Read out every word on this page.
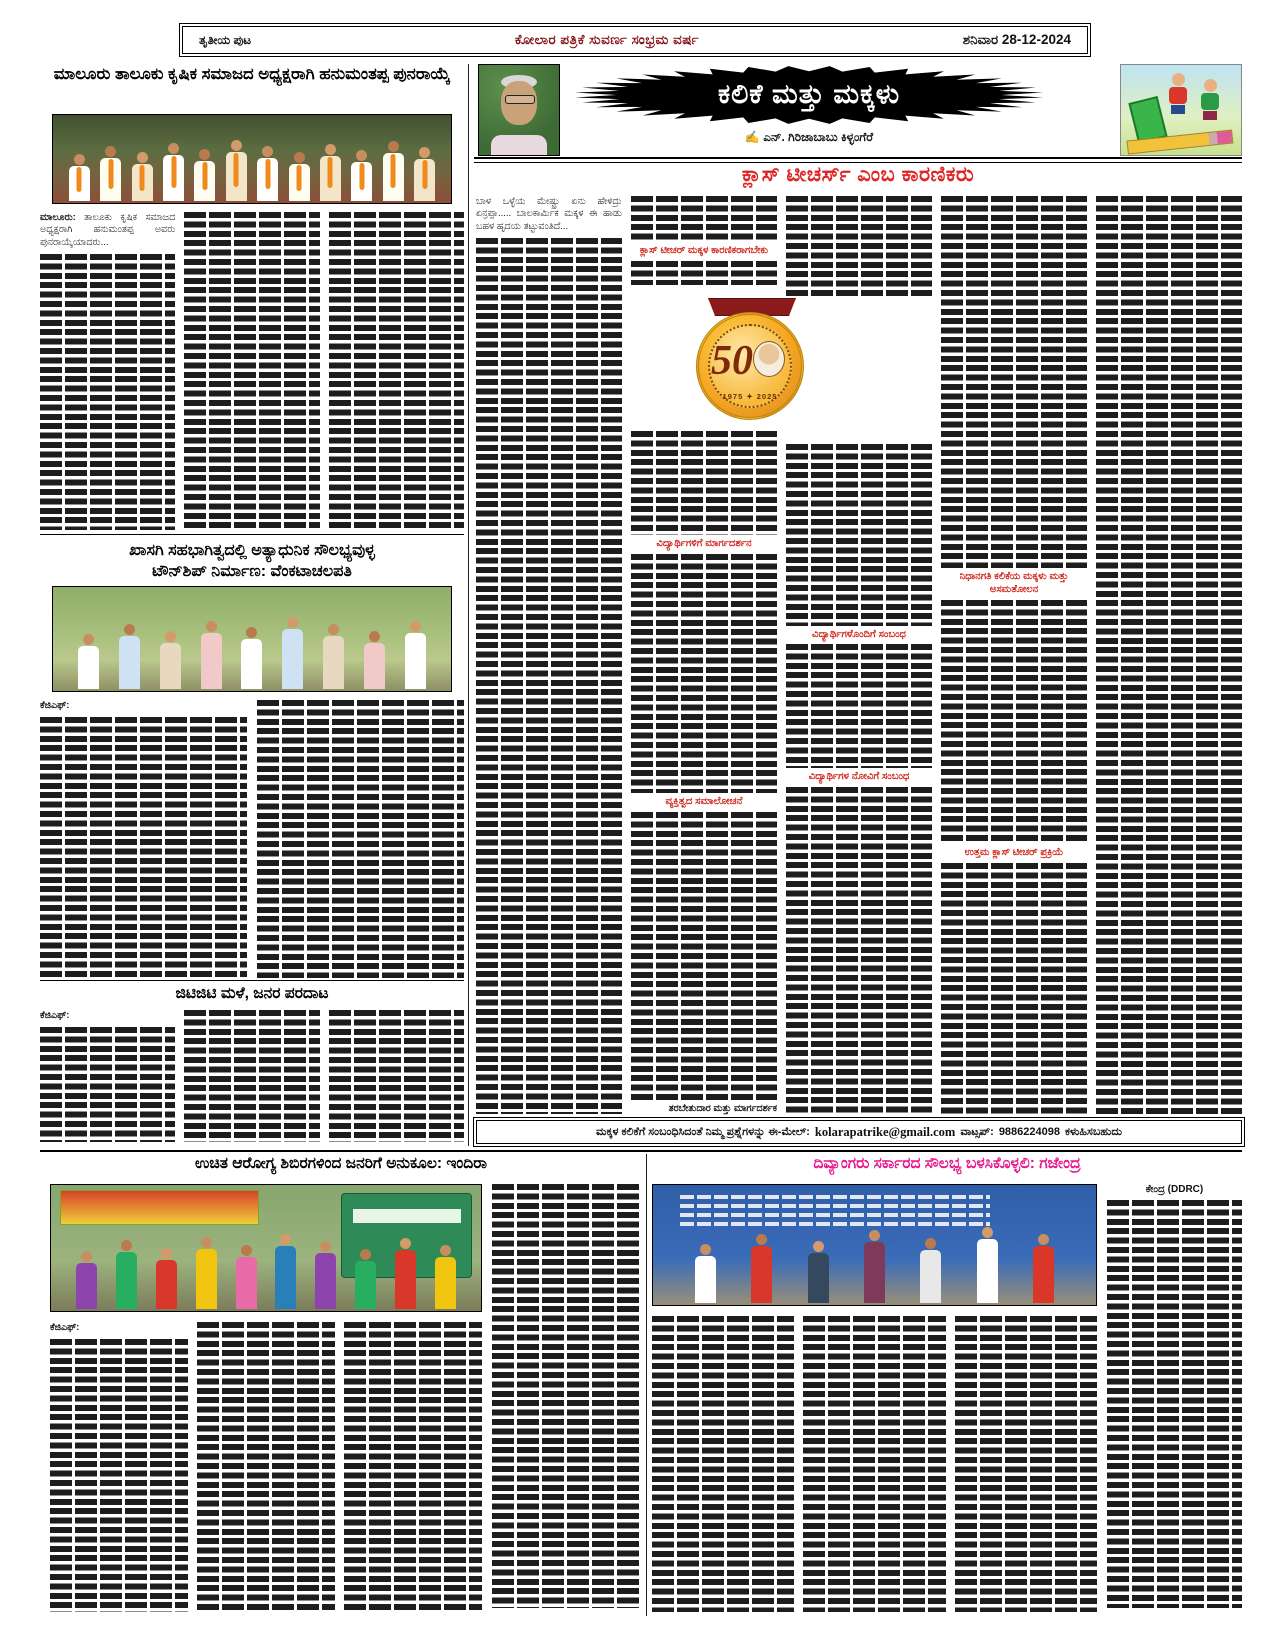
ತೃತೀಯ ಪುಟ	ಕೋಲಾರ ಪತ್ರಿಕೆ ಸುವರ್ಣ ಸಂಭ್ರಮ ವರ್ಷ	ಶನಿವಾರ 28-12-2024
ಮಾಲೂರು ತಾಲೂಕು ಕೃಷಿಕ ಸಮಾಜದ ಅಧ್ಯಕ್ಷರಾಗಿ ಹನುಮಂತಪ್ಪ ಪುನರಾಯ್ಕೆ

ಮಾಲೂರು: ತಾಲೂಕು ಕೃಷಿಕ ಸಮಾಜದ ಅಧ್ಯಕ್ಷರಾಗಿ ಹನುಮಂತಪ್ಪ ಅವರು ಪುನರಾಯ್ಕೆಯಾದರು...

ಖಾಸಗಿ ಸಹಭಾಗಿತ್ವದಲ್ಲಿ ಅತ್ಯಾಧುನಿಕ ಸೌಲಭ್ಯವುಳ್ಳ
ಟೌನ್‌ಶಿಪ್ ನಿರ್ಮಾಣ: ವೆಂಕಟಾಚಲಪತಿ

ಕೆಜಿಎಫ್:

ಜಿಟಿಜಿಟಿ ಮಳೆ, ಜನರ ಪರದಾಟ

ಕೆಜಿಎಫ್:

ಕಲಿಕೆ ಮತ್ತು ಮಕ್ಕಳು
✍ ಎನ್. ಗಿರಿಜಾಬಾಬು ಕಿಳ್ಳಂಗೆರೆ
ಕ್ಲಾಸ್ ಟೀಚರ್ಸ್ ಎಂಬ ಕಾರಣಿಕರು

ಬಾಳ ಒಳ್ಳೆಯ ಮೇಷ್ಟ್ರು ಏನು ಹೇಳಿದ್ರು ಏನ್ರಪ್ಪಾ..... ಬಾಲಕಾರ್ಮಿಕ ಮಕ್ಕಳ ಈ ಹಾಡು ಬಹಳ ಹೃದಯ ತಟ್ಟುವಂತಿದೆ...

ಕ್ಲಾಸ್ ಟೀಚರ್ ಮಕ್ಕಳ ಕಾರಣಿಕರಾಗಬೇಕು
ವಿದ್ಯಾರ್ಥಿಗಳಿಗೆ ಮಾರ್ಗದರ್ಶನ
ವ್ಯಕ್ತಿತ್ವದ ಸಮಾಲೋಚನೆ
ತರಬೇತುದಾರ ಮತ್ತು ಮಾರ್ಗದರ್ಶಕ
ವಿದ್ಯಾರ್ಥಿಗಳೊಂದಿಗೆ ಸಂಬಂಧ
ವಿದ್ಯಾರ್ಥಿಗಳ ನೋವಿಗೆ ಸಂಬಂಧ
ನಿಧಾನಗತಿ ಕಲಿಕೆಯ ಮಕ್ಕಳು ಮತ್ತು ಅಸಮತೋಲನ
ಉತ್ತಮ ಕ್ಲಾಸ್ ಟೀಚರ್ ಪ್ರಕ್ರಿಯೆ
50
1975 ✦ 2025
ಮಕ್ಕಳ ಕಲಿಕೆಗೆ ಸಂಬಂಧಿಸಿದಂತೆ ನಿಮ್ಮ ಪ್ರಶ್ನೆಗಳನ್ನು ಈ-ಮೇಲ್: kolarapatrike@gmail.com ವಾಟ್ಸಪ್: 9886224098 ಕಳುಹಿಸಬಹುದು
ಉಚಿತ ಆರೋಗ್ಯ ಶಿಬಿರಗಳಿಂದ ಜನರಿಗೆ ಅನುಕೂಲ: ಇಂದಿರಾ

ಕೆಜಿಎಫ್:

ದಿವ್ಯಾಂಗರು ಸರ್ಕಾರದ ಸೌಲಭ್ಯ ಬಳಸಿಕೊಳ್ಳಲಿ: ಗಜೇಂದ್ರ
ಕೇಂದ್ರ (DDRC)
